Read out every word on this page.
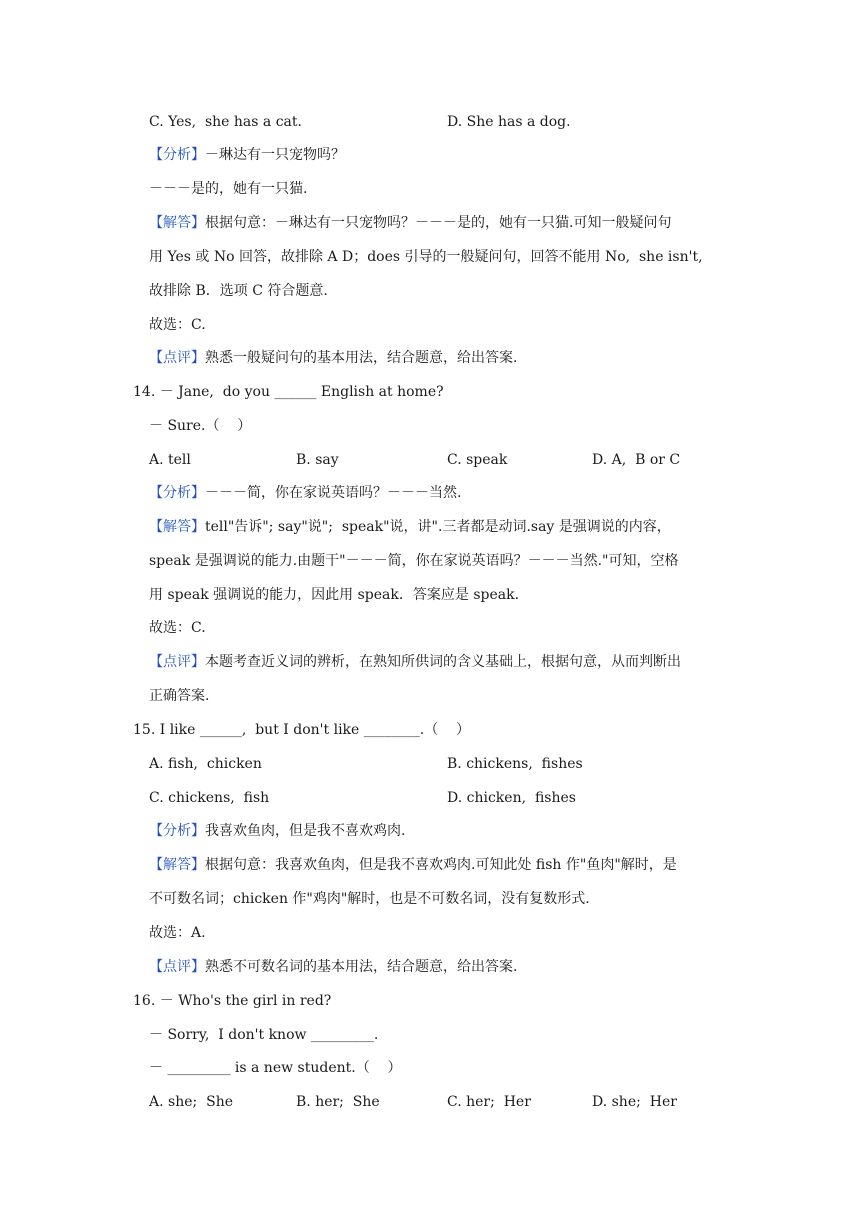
C. Yes,  she has a cat.	D. She has a dog.
【分析】－琳达有一只宠物吗？
－－－是的，她有一只猫.
【解答】根据句意：－琳达有一只宠物吗？－－－是的，她有一只猫.可知一般疑问句
用 Yes 或 No 回答，故排除 A D；does 引导的一般疑问句，回答不能用 No,  she isn't,
故排除 B．选项 C 符合题意.
故选：C.
【点评】熟悉一般疑问句的基本用法，结合题意，给出答案.
14. － Jane,  do you ______ English at home?
－ Sure.（    ）
A. tell	B. say	C. speak	D. A,  B or C
【分析】－－－简，你在家说英语吗？－－－当然.
【解答】tell"告诉"; say"说";  speak"说，讲".三者都是动词.say 是强调说的内容，
speak 是强调说的能力.由题干"－－－简，你在家说英语吗？－－－当然."可知，空格
用 speak 强调说的能力，因此用 speak．答案应是 speak.
故选：C.
【点评】本题考查近义词的辨析，在熟知所供词的含义基础上，根据句意，从而判断出
正确答案.
15. I like ______,  but I don't like ________.（    ）
A. fish,  chicken	B. chickens,  fishes
C. chickens,  fish	D. chicken,  fishes
【分析】我喜欢鱼肉，但是我不喜欢鸡肉.
【解答】根据句意：我喜欢鱼肉，但是我不喜欢鸡肉.可知此处 fish 作"鱼肉"解时，是
不可数名词；chicken 作"鸡肉"解时，也是不可数名词，没有复数形式.
故选：A.
【点评】熟悉不可数名词的基本用法，结合题意，给出答案.
16. － Who's the girl in red?
－ Sorry,  I don't know _________.
－ _________ is a new student.（    ）
A. she;  She	B. her;  She	C. her;  Her	D. she;  Her
